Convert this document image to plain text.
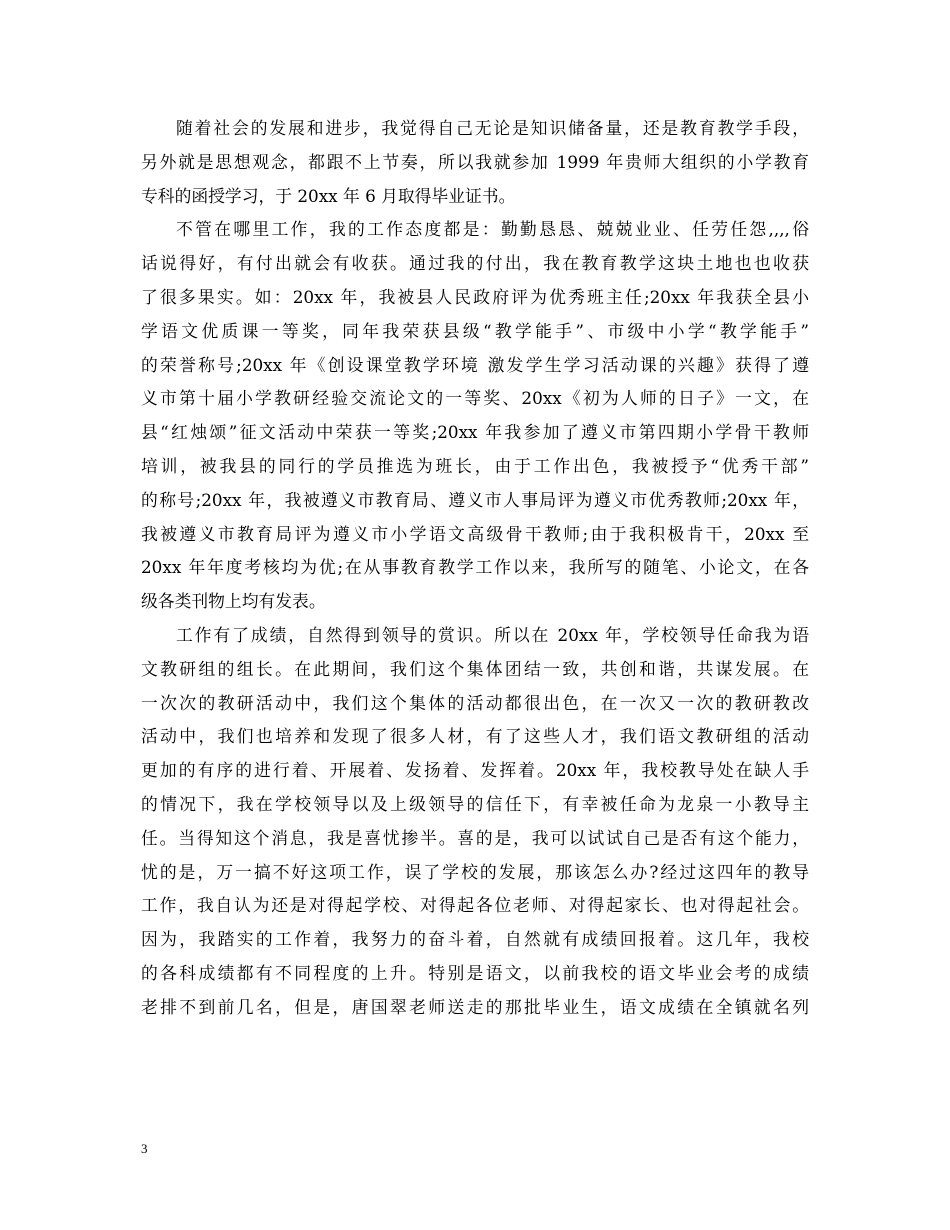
随着社会的发展和进步，我觉得自己无论是知识储备量，还是教育教学手段，
另外就是思想观念，都跟不上节奏，所以我就参加 1999 年贵师大组织的小学教育
专科的函授学习，于 20xx 年 6 月取得毕业证书。
不管在哪里工作，我的工作态度都是：勤勤恳恳、兢兢业业、任劳任怨,,,,俗
话说得好，有付出就会有收获。通过我的付出，我在教育教学这块土地也也收获
了很多果实。如：20xx 年，我被县人民政府评为优秀班主任;20xx 年我获全县小
学语文优质课一等奖，同年我荣获县级“教学能手”、市级中小学“教学能手”
的荣誉称号;20xx 年《创设课堂教学环境 激发学生学习活动课的兴趣》获得了遵
义市第十届小学教研经验交流论文的一等奖、20xx《初为人师的日子》一文，在
县“红烛颂”征文活动中荣获一等奖;20xx 年我参加了遵义市第四期小学骨干教师
培训，被我县的同行的学员推选为班长，由于工作出色，我被授予“优秀干部”
的称号;20xx 年，我被遵义市教育局、遵义市人事局评为遵义市优秀教师;20xx 年，
我被遵义市教育局评为遵义市小学语文高级骨干教师;由于我积极肯干，20xx 至
20xx 年年度考核均为优;在从事教育教学工作以来，我所写的随笔、小论文，在各
级各类刊物上均有发表。
工作有了成绩，自然得到领导的赏识。所以在 20xx 年，学校领导任命我为语
文教研组的组长。在此期间，我们这个集体团结一致，共创和谐，共谋发展。在
一次次的教研活动中，我们这个集体的活动都很出色，在一次又一次的教研教改
活动中，我们也培养和发现了很多人材，有了这些人才，我们语文教研组的活动
更加的有序的进行着、开展着、发扬着、发挥着。20xx 年，我校教导处在缺人手
的情况下，我在学校领导以及上级领导的信任下，有幸被任命为龙泉一小教导主
任。当得知这个消息，我是喜忧掺半。喜的是，我可以试试自己是否有这个能力，
忧的是，万一搞不好这项工作，误了学校的发展，那该怎么办?经过这四年的教导
工作，我自认为还是对得起学校、对得起各位老师、对得起家长、也对得起社会。
因为，我踏实的工作着，我努力的奋斗着，自然就有成绩回报着。这几年，我校
的各科成绩都有不同程度的上升。特别是语文，以前我校的语文毕业会考的成绩
老排不到前几名，但是，唐国翠老师送走的那批毕业生，语文成绩在全镇就名列
3
